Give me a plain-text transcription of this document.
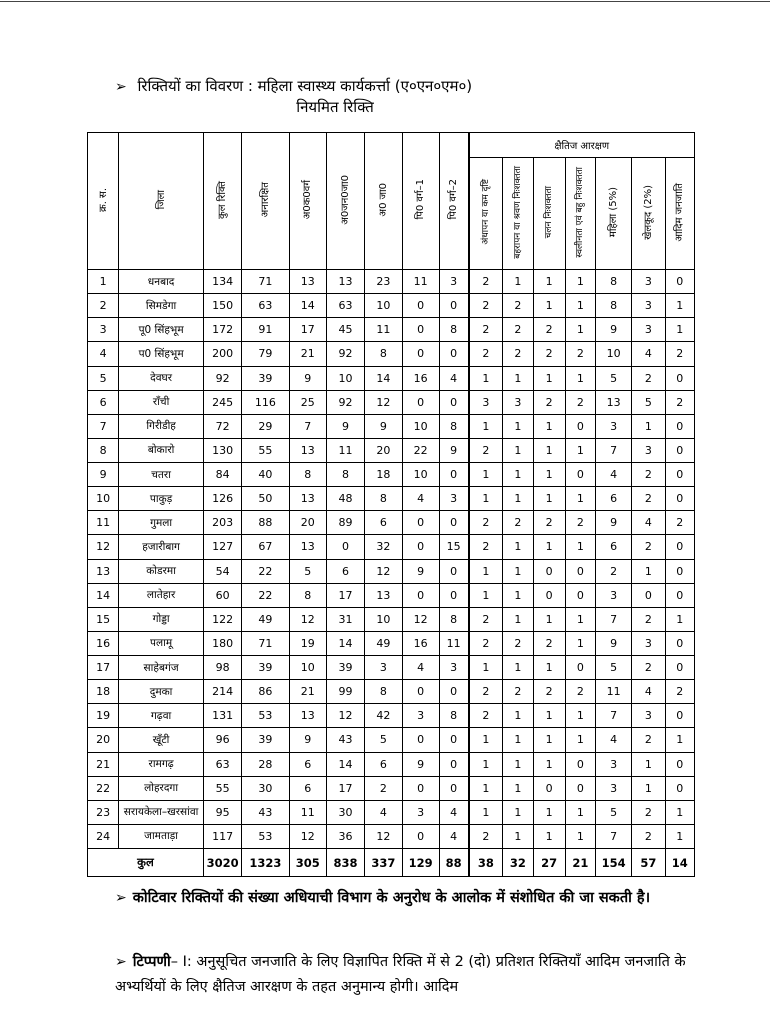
➢ रिक्तियों का विवरण : महिला स्वास्थ्य कार्यकर्त्ता (ए०एन०एम०)
नियमित रिक्ति
क्र. स.	जिला	कुल रिक्ति	अनारक्षित	अ0क0वर्ग	अ0जन0जा0	अ0 जा0	पि0 वर्ग–1	पि0 वर्ग–2	क्षैतिज आरक्षण						
									अंधापन या कम दृष्टि	बहरापन या श्रवण निःशक्तता	चलन निःशक्तता	स्वलीनता एवं बहु निःशक्तता	महिला (5%)	खेलकूद (2%)	आदिम जनजाति
1	धनबाद	134	71	13	13	23	11	3	2	1	1	1	8	3	0
2	सिमडेगा	150	63	14	63	10	0	0	2	2	1	1	8	3	1
3	पू0 सिंहभूम	172	91	17	45	11	0	8	2	2	2	1	9	3	1
4	प0 सिंहभूम	200	79	21	92	8	0	0	2	2	2	2	10	4	2
5	देवघर	92	39	9	10	14	16	4	1	1	1	1	5	2	0
6	राँची	245	116	25	92	12	0	0	3	3	2	2	13	5	2
7	गिरीडीह	72	29	7	9	9	10	8	1	1	1	0	3	1	0
8	बोकारो	130	55	13	11	20	22	9	2	1	1	1	7	3	0
9	चतरा	84	40	8	8	18	10	0	1	1	1	0	4	2	0
10	पाकुड़	126	50	13	48	8	4	3	1	1	1	1	6	2	0
11	गुमला	203	88	20	89	6	0	0	2	2	2	2	9	4	2
12	हजारीबाग	127	67	13	0	32	0	15	2	1	1	1	6	2	0
13	कोडरमा	54	22	5	6	12	9	0	1	1	0	0	2	1	0
14	लातेहार	60	22	8	17	13	0	0	1	1	0	0	3	0	0
15	गोड्डा	122	49	12	31	10	12	8	2	1	1	1	7	2	1
16	पलामू	180	71	19	14	49	16	11	2	2	2	1	9	3	0
17	साहेबगंज	98	39	10	39	3	4	3	1	1	1	0	5	2	0
18	दुमका	214	86	21	99	8	0	0	2	2	2	2	11	4	2
19	गढ़वा	131	53	13	12	42	3	8	2	1	1	1	7	3	0
20	खूँटी	96	39	9	43	5	0	0	1	1	1	1	4	2	1
21	रामगढ़	63	28	6	14	6	9	0	1	1	1	0	3	1	0
22	लोहरदगा	55	30	6	17	2	0	0	1	1	0	0	3	1	0
23	सरायकेला–खरसांवा	95	43	11	30	4	3	4	1	1	1	1	5	2	1
24	जामताड़ा	117	53	12	36	12	0	4	2	1	1	1	7	2	1
कुल		3020	1323	305	838	337	129	88	38	32	27	21	154	57	14
➢ कोटिवार रिक्तियों की संख्या अधियाची विभाग के अनुरोध के आलोक में संशोधित की जा सकती है।
➢ टिप्पणी– I: अनुसूचित जनजाति के लिए विज्ञापित रिक्ति में से 2 (दो) प्रतिशत रिक्तियाँ आदिम जनजाति के अभ्यर्थियों के लिए क्षैतिज आरक्षण के तहत अनुमान्य होगी। आदिम
